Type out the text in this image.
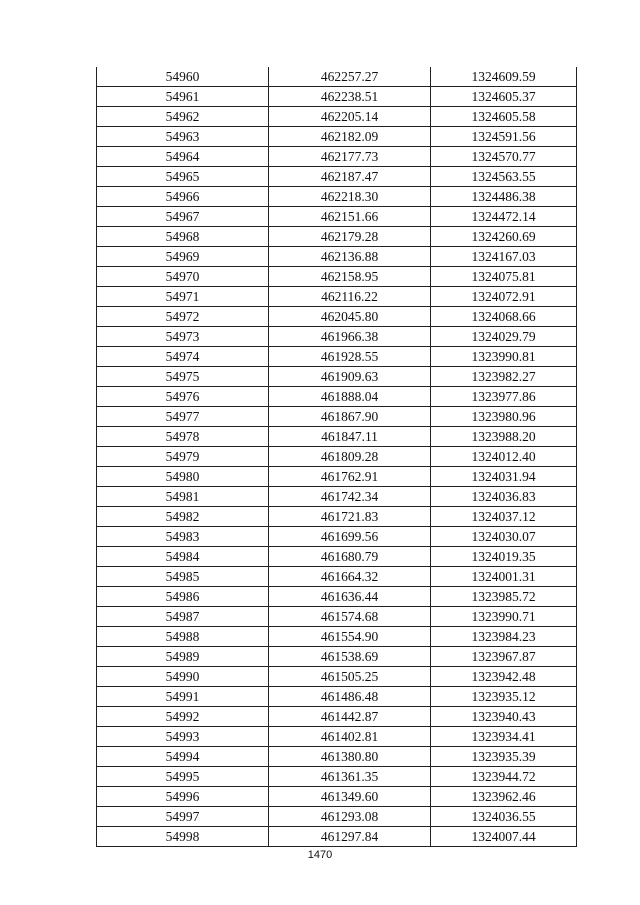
54960	462257.27	1324609.59
54961	462238.51	1324605.37
54962	462205.14	1324605.58
54963	462182.09	1324591.56
54964	462177.73	1324570.77
54965	462187.47	1324563.55
54966	462218.30	1324486.38
54967	462151.66	1324472.14
54968	462179.28	1324260.69
54969	462136.88	1324167.03
54970	462158.95	1324075.81
54971	462116.22	1324072.91
54972	462045.80	1324068.66
54973	461966.38	1324029.79
54974	461928.55	1323990.81
54975	461909.63	1323982.27
54976	461888.04	1323977.86
54977	461867.90	1323980.96
54978	461847.11	1323988.20
54979	461809.28	1324012.40
54980	461762.91	1324031.94
54981	461742.34	1324036.83
54982	461721.83	1324037.12
54983	461699.56	1324030.07
54984	461680.79	1324019.35
54985	461664.32	1324001.31
54986	461636.44	1323985.72
54987	461574.68	1323990.71
54988	461554.90	1323984.23
54989	461538.69	1323967.87
54990	461505.25	1323942.48
54991	461486.48	1323935.12
54992	461442.87	1323940.43
54993	461402.81	1323934.41
54994	461380.80	1323935.39
54995	461361.35	1323944.72
54996	461349.60	1323962.46
54997	461293.08	1324036.55
54998	461297.84	1324007.44
1470
